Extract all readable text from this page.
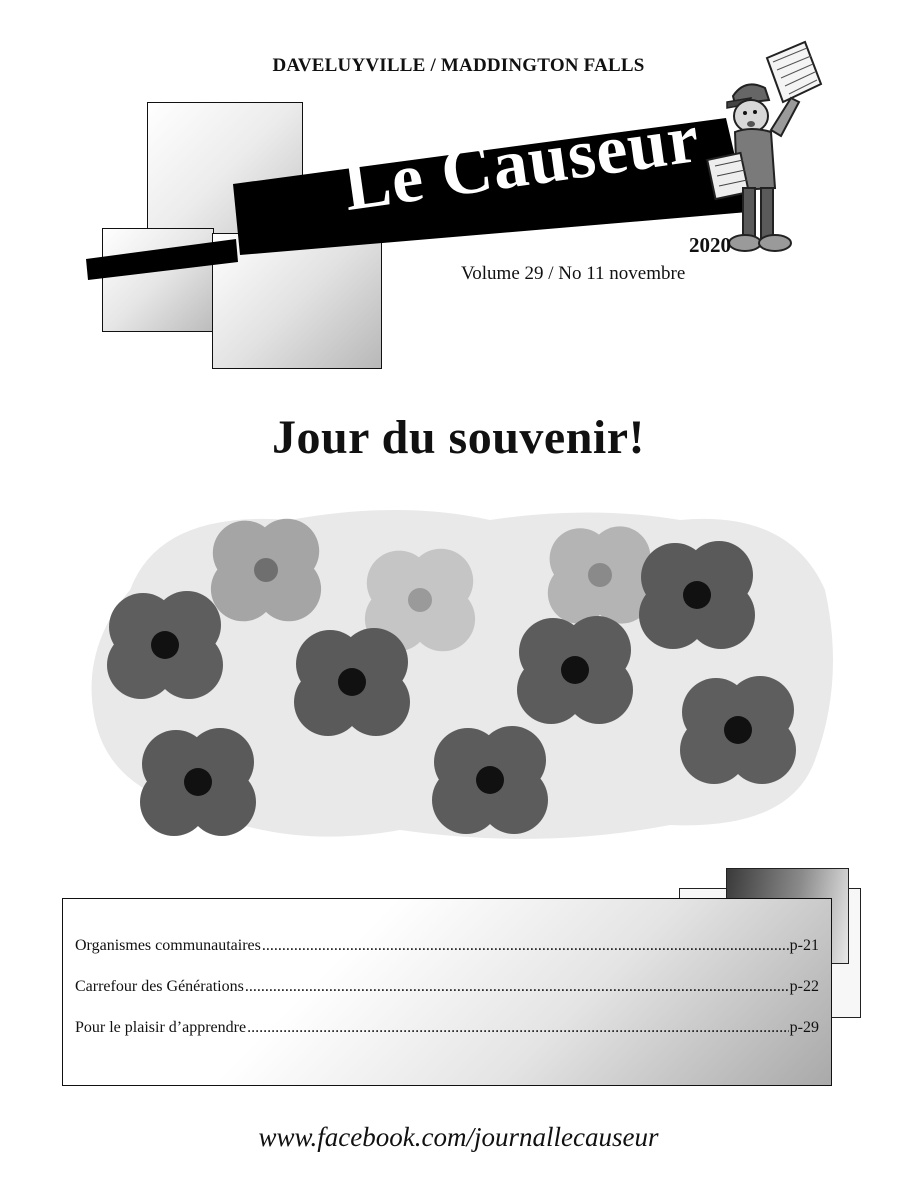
DAVELUYVILLE / MADDINGTON FALLS
Le Causeur
2020
Volume 29 / No 11 novembre
Jour du souvenir!
Organismes communautaires .....	p-21
Carrefour des Générations .....	p-22
Pour le plaisir d’apprendre .....	p-29
www.facebook.com/journallecauseur
